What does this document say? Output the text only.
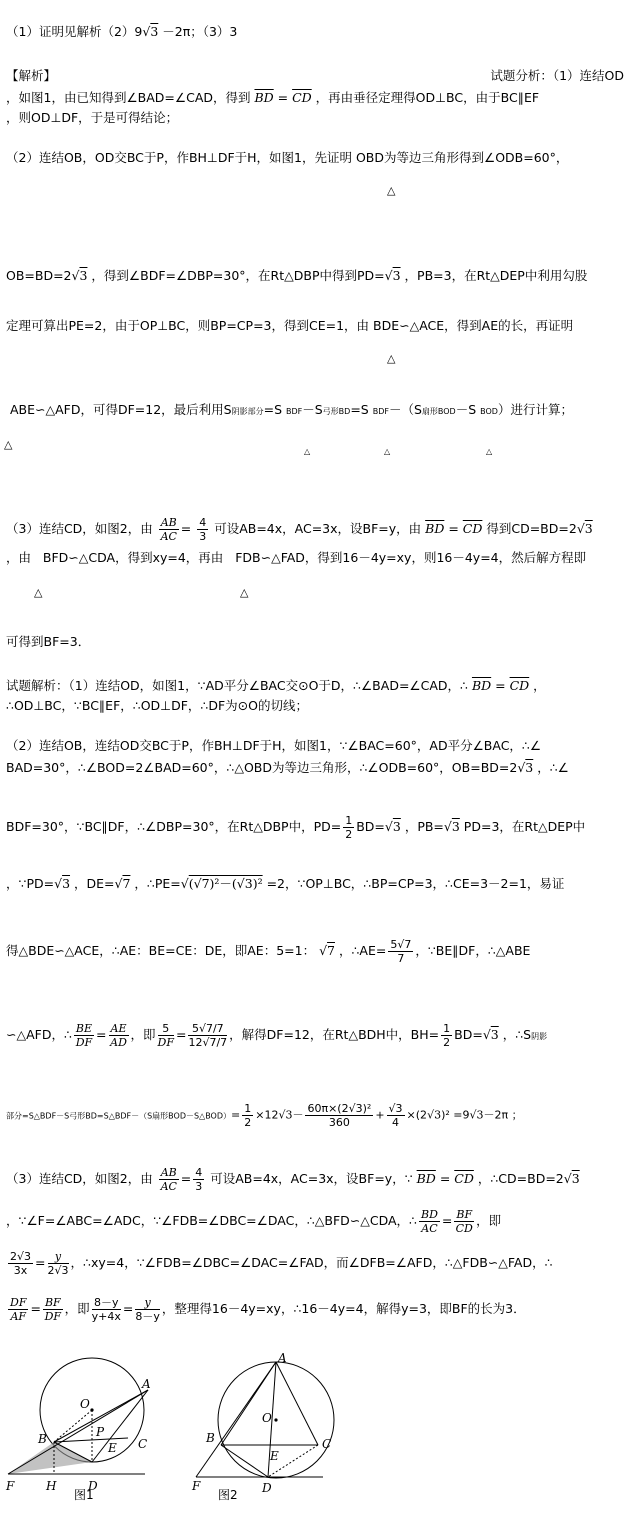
（1）证明见解析（2）9√3 －2π；（3）3
【解析】	试题分析：（1）连结OD
，如图1，由已知得到∠BAD=∠CAD，得到 $\overline{BD} = \overline{CD}$ ，再由垂径定理得OD⊥BC，由于BC∥EF
，则OD⊥DF，于是可得结论；
（2）连结OB，OD交BC于P，作BH⊥DF于H，如图1，先证明 OBD为等边三角形得到∠ODB=60°，
△
OB=BD=2√3 ，得到∠BDF=∠DBP=30°，在Rt△DBP中得到PD=√3 ，PB=3，在Rt△DEP中利用勾股
定理可算出PE=2，由于OP⊥BC，则BP=CP=3，得到CE=1，由 BDE∽△ACE，得到AE的长，再证明
△
ABE∽△AFD，可得DF=12，最后利用S阴影部分=S BDF－S弓形BD=S BDF－（S扇形BOD－S BOD）进行计算；
△
△	△	△
（3）连结CD，如图2，由 $\frac{AB}{AC} = \frac{4}{3}$ 可设AB=4x，AC=3x，设BF=y，由 $\overline{BD} = \overline{CD}$ 得到CD=BD=2√3
，由   BFD∽△CDA，得到xy=4，再由   FDB∽△FAD，得到16－4y=xy，则16－4y=4，然后解方程即
△	△
可得到BF=3．
试题解析：（1）连结OD，如图1，∵AD平分∠BAC交⊙O于D，∴∠BAD=∠CAD，∴ $\overline{BD} = \overline{CD}$ ，
∴OD⊥BC，∵BC∥EF，∴OD⊥DF，∴DF为⊙O的切线；
（2）连结OB，连结OD交BC于P，作BH⊥DF于H，如图1，∵∠BAC=60°，AD平分∠BAC，∴∠
BAD=30°，∴∠BOD=2∠BAD=60°，∴△OBD为等边三角形，∴∠ODB=60°，OB=BD=2√3 ，∴∠
BDF=30°，∵BC∥DF，∴∠DBP=30°，在Rt△DBP中，$PD= \frac{1}{2} BD=√3$ ，PB=√3 PD=3，在Rt△DEP中
，∵PD=√3 ，DE=√7 ，∴PE=√(√7)²－(√3)² =2，∵OP⊥BC，∴BP=CP=3，∴CE=3－2=1，易证
得△BDE∽△ACE，∴AE：BE=CE：DE，即AE：5=1： √7 ，∴AE= $\frac{5√7}{7}$ ，∵BE∥DF，∴△ABE
∽△AFD，∴ $\frac{BE}{DF} = \frac{AE}{AD}$ ，即 $\frac{5}{DF} = \frac{5√7/7}{12√7/7}$ ，解得DF=12，在Rt△BDH中，$BH= \frac{1}{2} BD=√3$ ，∴S阴影
部分=S△BDF－S弓形BD=S△BDF－（S扇形BOD－S△BOD）= $\frac{1}{2} \times 12√3- \frac{\text{60π×(2√3)²}}{360} + \frac{√3}{4} \times(2√3)^2 =9√3-2\pi$ ；
（3）连结CD，如图2，由 $\frac{AB}{AC} = \frac{4}{3}$ 可设AB=4x，AC=3x，设BF=y，∵ $\overline{BD} = \overline{CD}$ ，∴CD=BD=2√3
，∵∠F=∠ABC=∠ADC，∵∠FDB=∠DBC=∠DAC，∴△BFD∽△CDA，∴ $\frac{BD}{AC} = \frac{BF}{CD}$ ，即
$\frac{2√3}{3x} = \frac{y}{2√3}$ ，∴xy=4，∵∠FDB=∠DBC=∠DAC=∠FAD，而∠DFB=∠AFD，∴△FDB∽△FAD，∴
$\frac{DF}{AF} = \frac{BF}{DF}$ ，即 $\frac{8-y}{y+4x} = \frac{y}{8-y}$ ，整理得16－4y=xy，∴16－4y=4，解得y=3，即BF的长为3．
O
A
B	P
E C
F	H	D
图1
A
O
B
E
C
F	D
图2
